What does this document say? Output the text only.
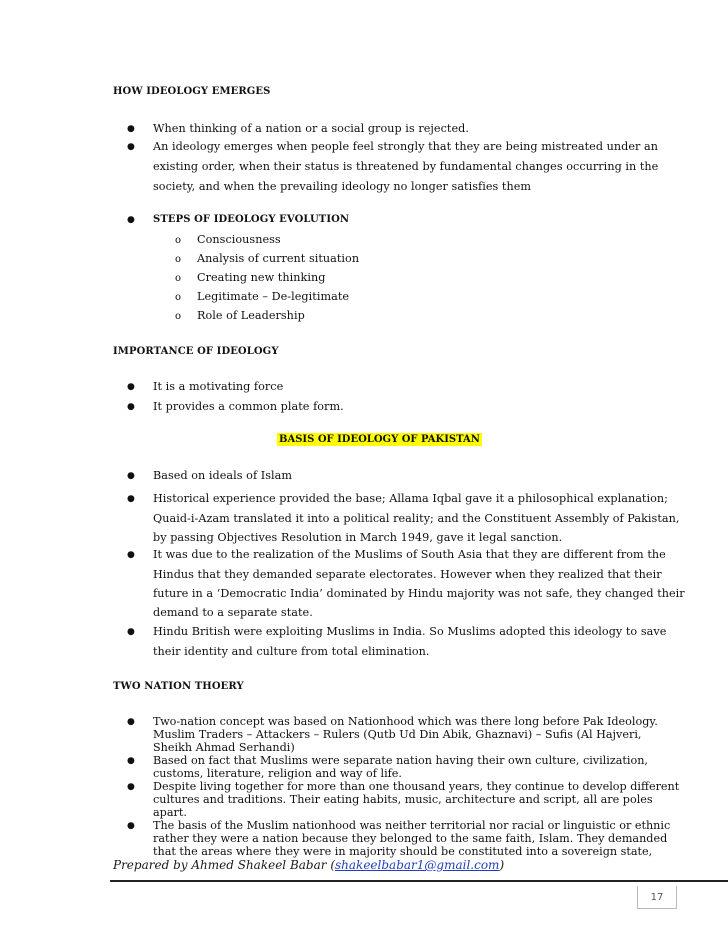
HOW IDEOLOGY EMERGES
● When thinking of a nation or a social group is rejected.
● An ideology emerges when people feel strongly that they are being mistreated under an
existing order, when their status is threatened by fundamental changes occurring in the
society, and when the prevailing ideology no longer satisfies them
● STEPS OF IDEOLOGY EVOLUTION
o Consciousness
o Analysis of current situation
o Creating new thinking
o Legitimate – De-legitimate
o Role of Leadership
IMPORTANCE OF IDEOLOGY
● It is a motivating force
● It provides a common plate form.
BASIS OF IDEOLOGY OF PAKISTAN
● Based on ideals of Islam
● Historical experience provided the base; Allama Iqbal gave it a philosophical explanation;
Quaid-i-Azam translated it into a political reality; and the Constituent Assembly of Pakistan,
by passing Objectives Resolution in March 1949, gave it legal sanction.
● It was due to the realization of the Muslims of South Asia that they are different from the
Hindus that they demanded separate electorates. However when they realized that their
future in a ‘Democratic India’ dominated by Hindu majority was not safe, they changed their
demand to a separate state.
● Hindu British were exploiting Muslims in India. So Muslims adopted this ideology to save
their identity and culture from total elimination.
TWO NATION THOERY
● Two-nation concept was based on Nationhood which was there long before Pak Ideology.
Muslim Traders – Attackers – Rulers (Qutb Ud Din Abik, Ghaznavi) – Sufis (Al Hajveri,
Sheikh Ahmad Serhandi)
● Based on fact that Muslims were separate nation having their own culture, civilization,
customs, literature, religion and way of life.
● Despite living together for more than one thousand years, they continue to develop different
cultures and traditions. Their eating habits, music, architecture and script, all are poles
apart.
● The basis of the Muslim nationhood was neither territorial nor racial or linguistic or ethnic
rather they were a nation because they belonged to the same faith, Islam. They demanded
that the areas where they were in majority should be constituted into a sovereign state,
Prepared by Ahmed Shakeel Babar (shakeelbabar1@gmail.com)
17
